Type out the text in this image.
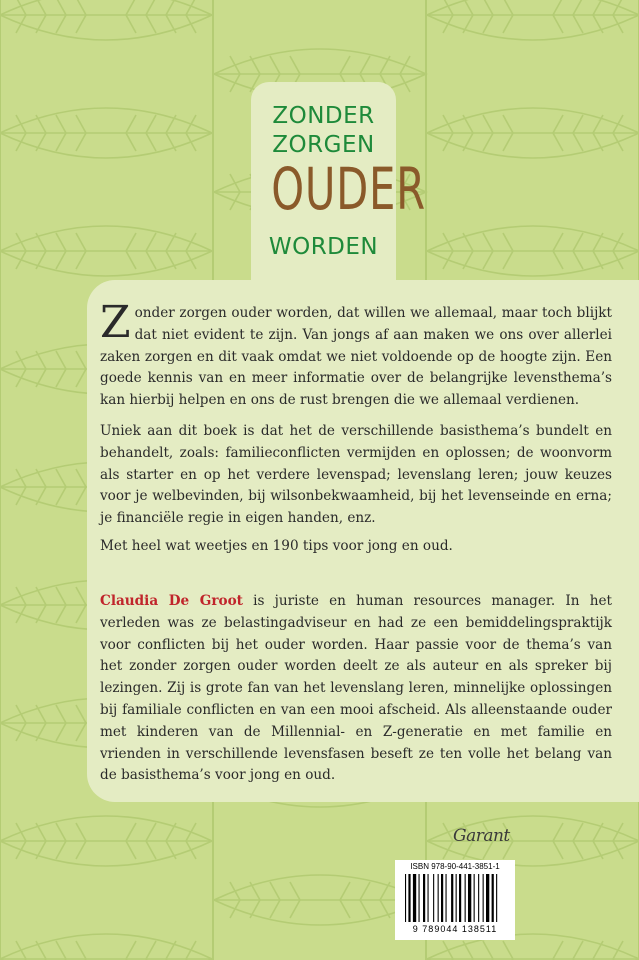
ZONDER
ZORGEN
OUDER
WORDEN

Zonder zorgen ouder worden, dat willen we allemaal, maar toch blijkt dat niet evident te zijn. Van jongs af aan maken we ons over allerlei zaken zorgen en dit vaak omdat we niet voldoende op de hoogte zijn. Een goede kennis van en meer informatie over de belangrijke levensthema’s kan hierbij helpen en ons de rust brengen die we allemaal verdienen.

Uniek aan dit boek is dat het de verschillende basisthema’s bundelt en behandelt, zoals: familieconflicten vermijden en oplossen; de woonvorm als starter en op het verdere levenspad; levenslang leren; jouw keuzes voor je welbevinden, bij wilsonbekwaamheid, bij het levenseinde en erna; je financiële regie in eigen handen, enz.

Met heel wat weetjes en 190 tips voor jong en oud.

Claudia De Groot is juriste en human resources manager. In het verleden was ze belastingadviseur en had ze een bemiddelingspraktijk voor conflicten bij het ouder worden. Haar passie voor de thema’s van het zonder zorgen ouder worden deelt ze als auteur en als spreker bij lezingen. Zij is grote fan van het levenslang leren, minnelijke oplossingen bij familiale conflicten en van een mooi afscheid. Als alleenstaande ouder met kinderen van de Millennial- en Z-generatie en met familie en vrienden in verschillende levensfasen beseft ze ten volle het belang van de basisthema’s voor jong en oud.

Garant
ISBN 978-90-441-3851-1
9 789044 138511
